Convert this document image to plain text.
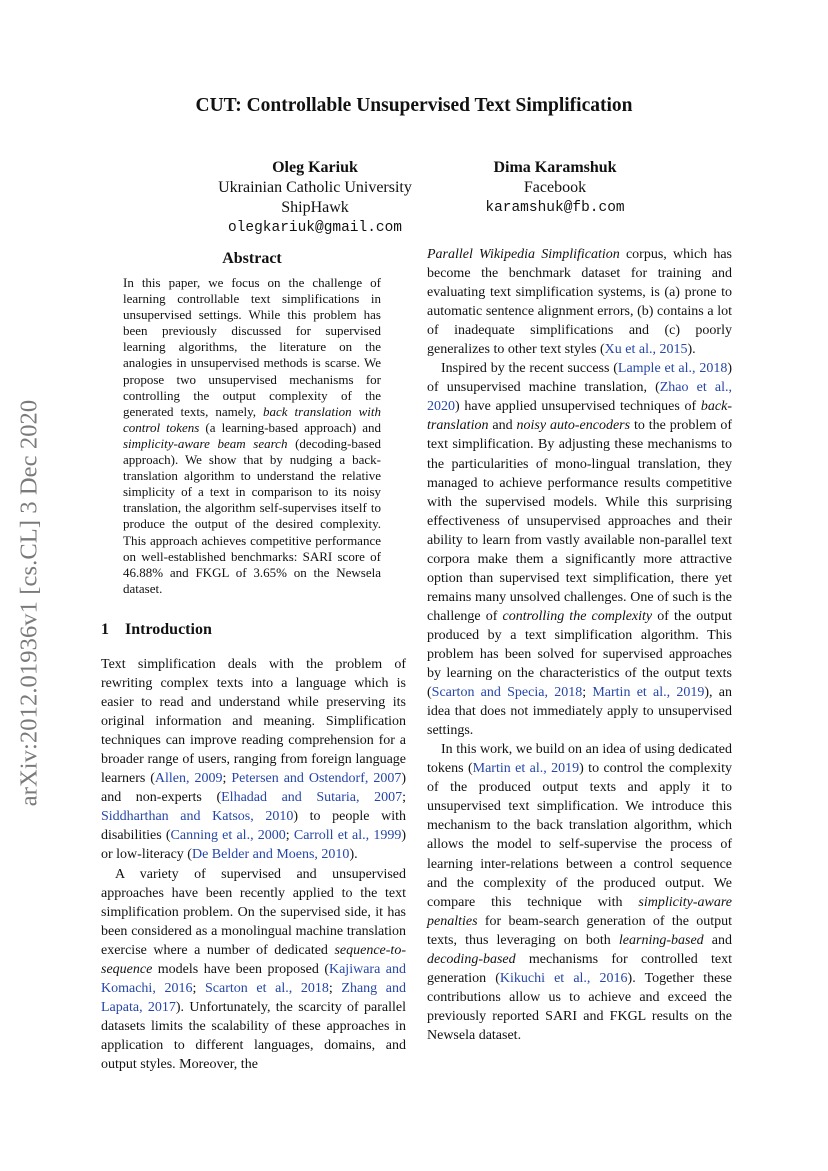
arXiv:2012.01936v1 [cs.CL] 3 Dec 2020
CUT: Controllable Unsupervised Text Simplification
Oleg Kariuk
Ukrainian Catholic University
ShipHawk
olegkariuk@gmail.com
Dima Karamshuk
Facebook
karamshuk@fb.com
Abstract

In this paper, we focus on the challenge of learning controllable text simplifications in unsupervised settings. While this problem has been previously discussed for supervised learning algorithms, the literature on the analogies in unsupervised methods is scarse. We propose two unsupervised mechanisms for controlling the output complexity of the generated texts, namely, back translation with control tokens (a learning-based approach) and simplicity-aware beam search (decoding-based approach). We show that by nudging a back-translation algorithm to understand the relative simplicity of a text in comparison to its noisy translation, the algorithm self-supervises itself to produce the output of the desired complexity. This approach achieves competitive performance on well-established benchmarks: SARI score of 46.88% and FKGL of 3.65% on the Newsela dataset.

1 Introduction

Text simplification deals with the problem of rewriting complex texts into a language which is easier to read and understand while preserving its original information and meaning. Simplification techniques can improve reading comprehension for a broader range of users, ranging from foreign language learners (Allen, 2009; Petersen and Ostendorf, 2007) and non-experts (Elhadad and Sutaria, 2007; Siddharthan and Katsos, 2010) to people with disabilities (Canning et al., 2000; Carroll et al., 1999) or low-literacy (De Belder and Moens, 2010).

A variety of supervised and unsupervised approaches have been recently applied to the text simplification problem. On the supervised side, it has been considered as a monolingual machine translation exercise where a number of dedicated sequence-to-sequence models have been proposed (Kajiwara and Komachi, 2016; Scarton et al., 2018; Zhang and Lapata, 2017). Unfortunately, the scarcity of parallel datasets limits the scalability of these approaches in application to different languages, domains, and output styles. Moreover, the

Parallel Wikipedia Simplification corpus, which has become the benchmark dataset for training and evaluating text simplification systems, is (a) prone to automatic sentence alignment errors, (b) contains a lot of inadequate simplifications and (c) poorly generalizes to other text styles (Xu et al., 2015).

Inspired by the recent success (Lample et al., 2018) of unsupervised machine translation, (Zhao et al., 2020) have applied unsupervised techniques of back-translation and noisy auto-encoders to the problem of text simplification. By adjusting these mechanisms to the particularities of mono-lingual translation, they managed to achieve performance results competitive with the supervised models. While this surprising effectiveness of unsupervised approaches and their ability to learn from vastly available non-parallel text corpora make them a significantly more attractive option than supervised text simplification, there yet remains many unsolved challenges. One of such is the challenge of controlling the complexity of the output produced by a text simplification algorithm. This problem has been solved for supervised approaches by learning on the characteristics of the output texts (Scarton and Specia, 2018; Martin et al., 2019), an idea that does not immediately apply to unsupervised settings.

In this work, we build on an idea of using dedicated tokens (Martin et al., 2019) to control the complexity of the produced output texts and apply it to unsupervised text simplification. We introduce this mechanism to the back translation algorithm, which allows the model to self-supervise the process of learning inter-relations between a control sequence and the complexity of the produced output. We compare this technique with simplicity-aware penalties for beam-search generation of the output texts, thus leveraging on both learning-based and decoding-based mechanisms for controlled text generation (Kikuchi et al., 2016). Together these contributions allow us to achieve and exceed the previously reported SARI and FKGL results on the Newsela dataset.
